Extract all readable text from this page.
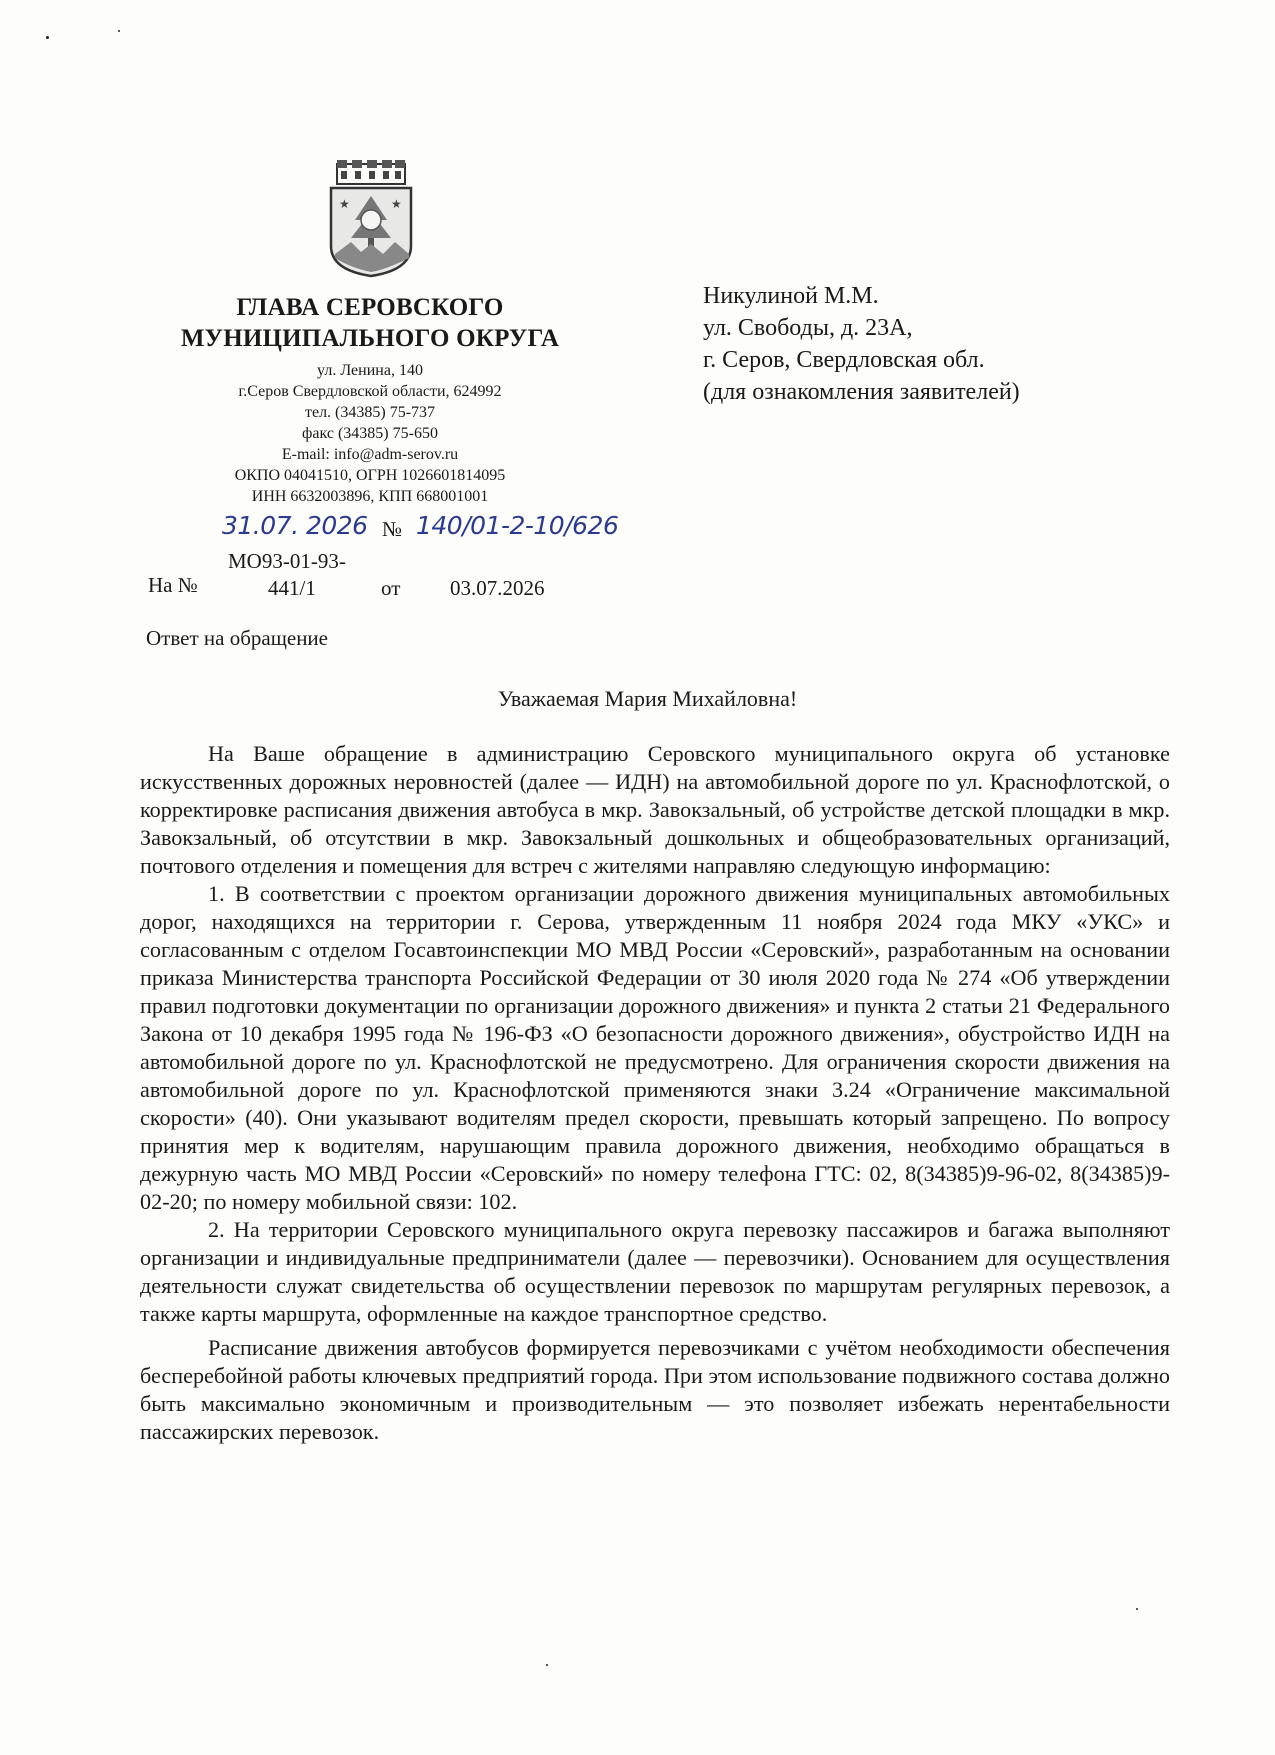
★	★
ГЛАВА СЕРОВСКОГО
МУНИЦИПАЛЬНОГО ОКРУГА
ул. Ленина, 140
г.Серов Свердловской области, 624992
тел. (34385) 75-737
факс (34385) 75-650
E-mail: info@adm-serov.ru
ОКПО 04041510, ОГРН 1026601814095
ИНН 6632003896, КПП 668001001
Никулиной М.М.
ул. Свободы, д. 23А,
г. Серов, Свердловская обл.
(для ознакомления заявителей)
31.07. 2026 № 140/01-2-10/626
МО93-01-93-
На №	441/1	от 03.07.2026
Ответ на обращение
Уважаемая Мария Михайловна!

На Ваше обращение в администрацию Серовского муниципального округа об установке искусственных дорожных неровностей (далее — ИДН) на автомобильной дороге по ул. Краснофлотской, о корректировке расписания движения автобуса в мкр. Завокзальный, об устройстве детской площадки в мкр. Завокзальный, об отсутствии в мкр. Завокзальный дошкольных и общеобразовательных организаций, почтового отделения и помещения для встреч с жителями направляю следующую информацию:

1. В соответствии с проектом организации дорожного движения муниципальных автомобильных дорог, находящихся на территории г. Серова, утвержденным 11 ноября 2024 года МКУ «УКС» и согласованным с отделом Госавтоинспекции МО МВД России «Серовский», разработанным на основании приказа Министерства транспорта Российской Федерации от 30 июля 2020 года № 274 «Об утверждении правил подготовки документации по организации дорожного движения» и пункта 2 статьи 21 Федерального Закона от 10 декабря 1995 года № 196-ФЗ «О безопасности дорожного движения», обустройство ИДН на автомобильной дороге по ул. Краснофлотской не предусмотрено. Для ограничения скорости движения на автомобильной дороге по ул. Краснофлотской применяются знаки 3.24 «Ограничение максимальной скорости» (40). Они указывают водителям предел скорости, превышать который запрещено. По вопросу принятия мер к водителям, нарушающим правила дорожного движения, необходимо обращаться в дежурную часть МО МВД России «Серовский» по номеру телефона ГТС: 02, 8(34385)9-96-02, 8(34385)9-02-20; по номеру мобильной связи: 102.

2. На территории Серовского муниципального округа перевозку пассажиров и багажа выполняют организации и индивидуальные предприниматели (далее — перевозчики). Основанием для осуществления деятельности служат свидетельства об осуществлении перевозок по маршрутам регулярных перевозок, а также карты маршрута, оформленные на каждое транспортное средство.

Расписание движения автобусов формируется перевозчиками с учётом необходимости обеспечения бесперебойной работы ключевых предприятий города. При этом использование подвижного состава должно быть максимально экономичным и производительным — это позволяет избежать нерентабельности пассажирских перевозок.
